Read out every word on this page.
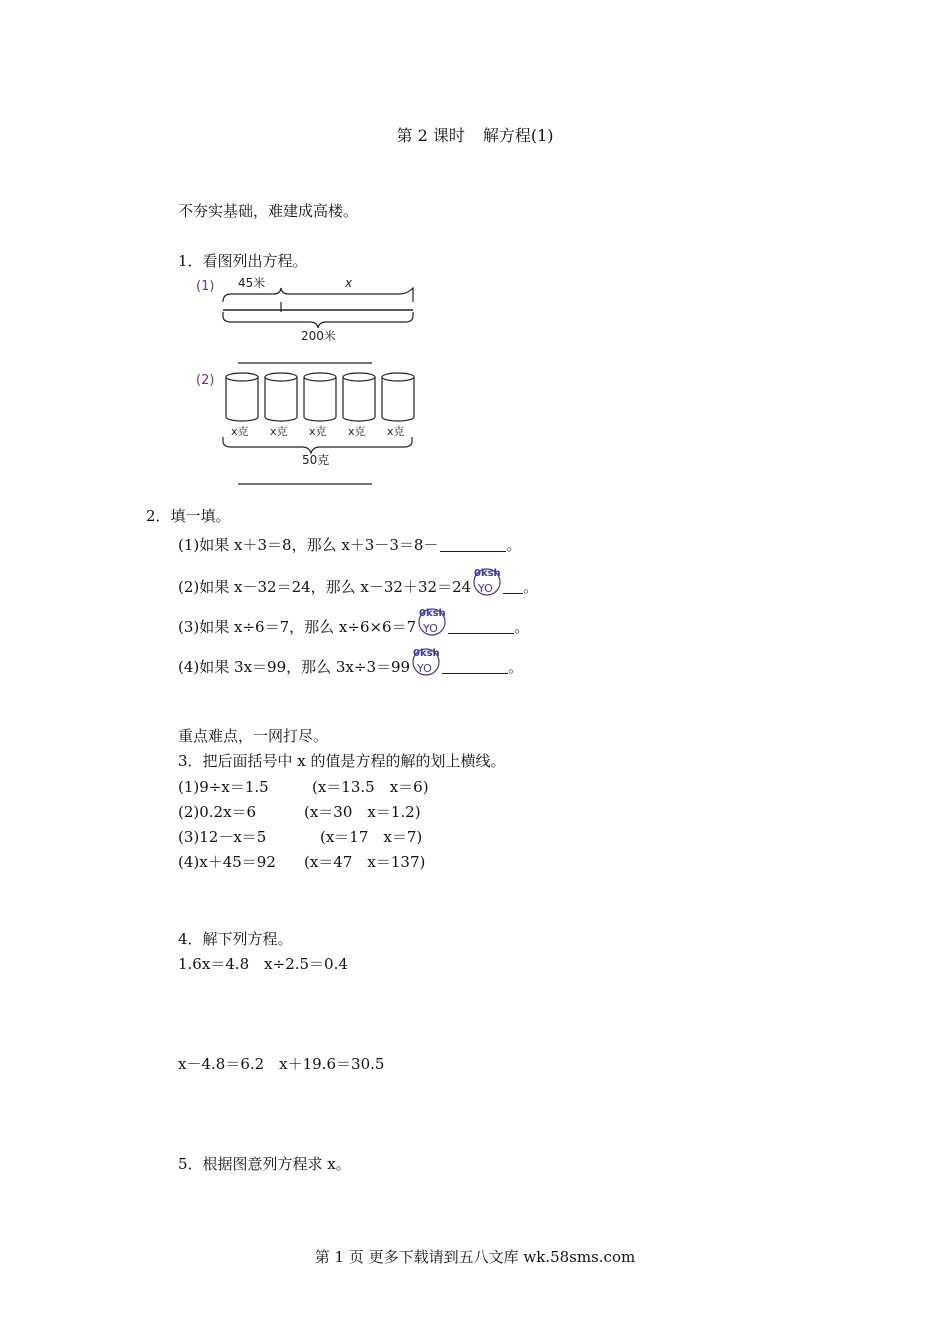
第 2 课时 解方程(1)
不夯实基础，难建成高楼。
1．看图列出方程。
(1) 45米	x
200米
(2)
x克 x克 x克 x克 x克
50克
2．填一填。
(1)如果 x＋3＝8，那么 x＋3－3＝8－	。
(2)如果 x－32＝24，那么 x－32＋32＝24
0ksh
YO 。
(3)如果 x÷6＝7，那么 x÷6×6＝7
0ksh
YO	。
(4)如果 3x＝99，那么 3x÷3＝99
0ksh
YO	。
重点难点，一网打尽。
3．把后面括号中 x 的值是方程的解的划上横线。
(1)9÷x＝1.5	(x＝13.5　x＝6)
(2)0.2x＝6	(x＝30　x＝1.2)
(3)12－x＝5	(x＝17　x＝7)
(4)x＋45＝92 (x＝47　x＝137)
4．解下列方程。
1.6x＝4.8　x÷2.5＝0.4
x－4.8＝6.2　x＋19.6＝30.5
5．根据图意列方程求 x。
第 1 页 更多下载请到五八文库 wk.58sms.com
